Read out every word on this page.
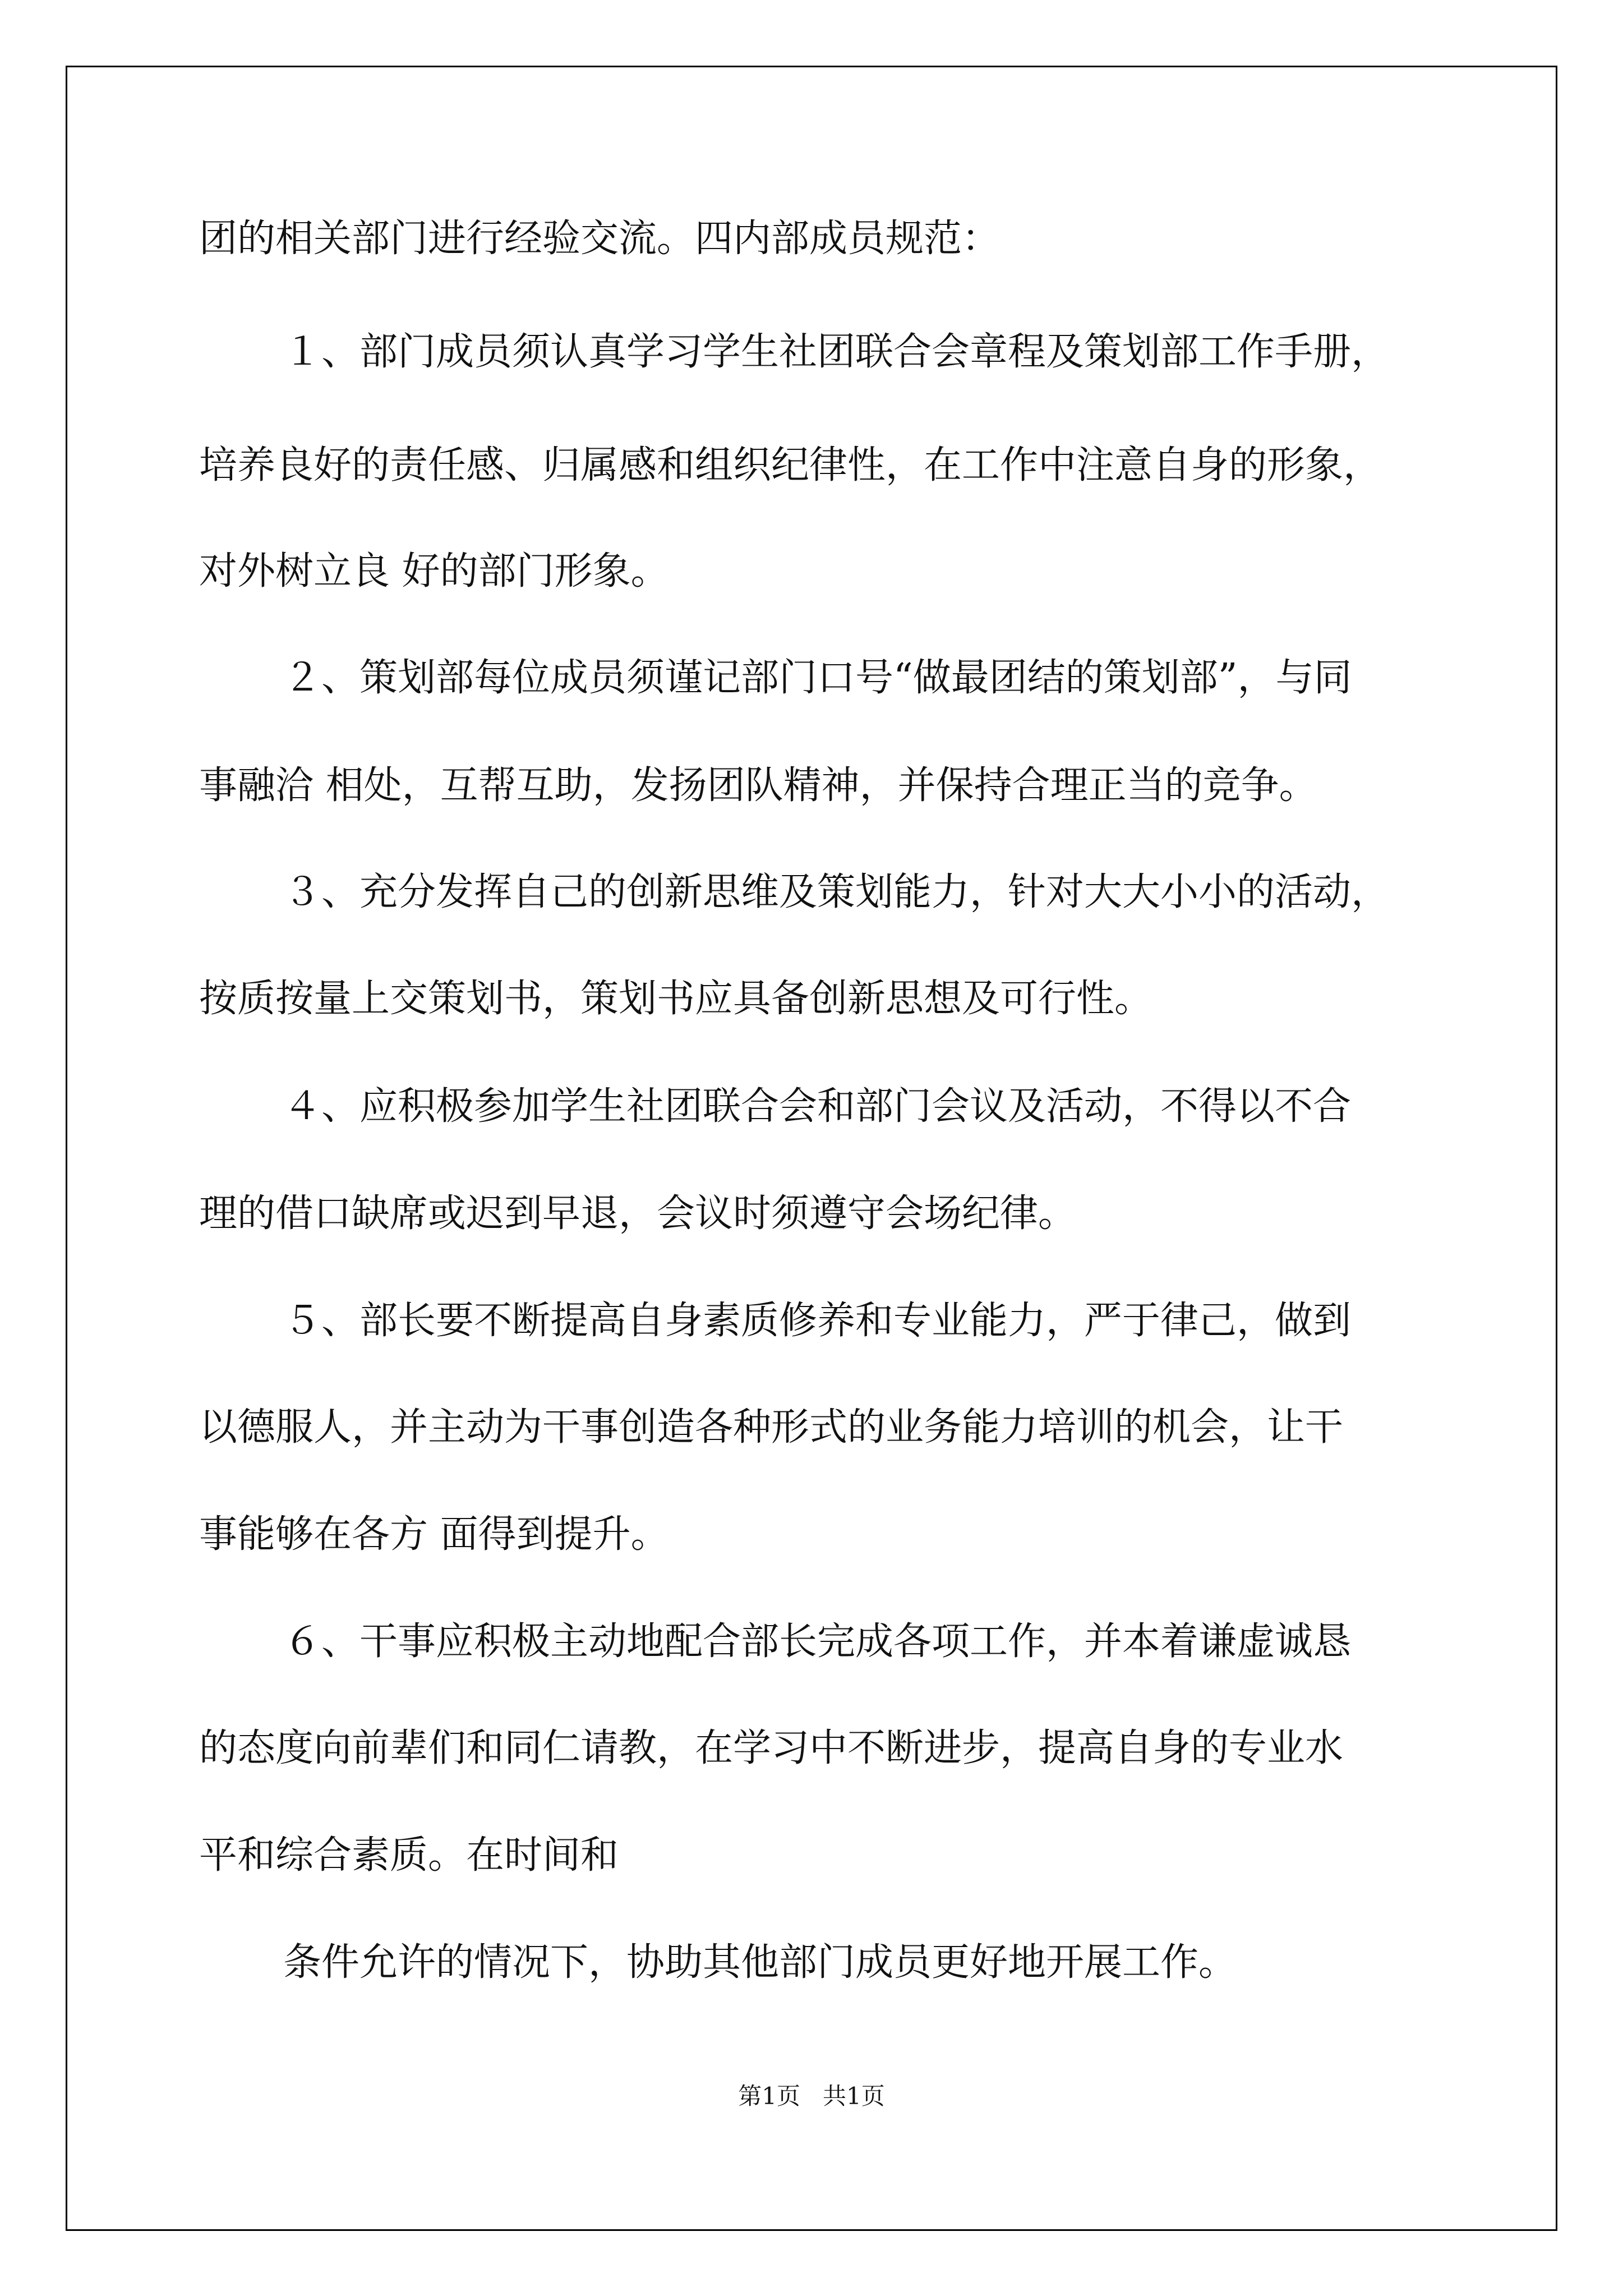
团的相关部门进行经验交流。四内部成员规范：
１、部门成员须认真学习学生社团联合会章程及策划部工作手册，
培养良好的责任感、归属感和组织纪律性，在工作中注意自身的形象，
对外树立良 好的部门形象。
２、策划部每位成员须谨记部门口号“做最团结的策划部”，与同
事融洽 相处，互帮互助，发扬团队精神，并保持合理正当的竞争。
３、充分发挥自己的创新思维及策划能力，针对大大小小的活动，
按质按量上交策划书，策划书应具备创新思想及可行性。
４、应积极参加学生社团联合会和部门会议及活动，不得以不合
理的借口缺席或迟到早退，会议时须遵守会场纪律。
５、部长要不断提高自身素质修养和专业能力，严于律己，做到
以德服人，并主动为干事创造各种形式的业务能力培训的机会，让干
事能够在各方 面得到提升。
６、干事应积极主动地配合部长完成各项工作，并本着谦虚诚恳
的态度向前辈们和同仁请教，在学习中不断进步，提高自身的专业水
平和综合素质。在时间和
条件允许的情况下，协助其他部门成员更好地开展工作。
第1页   共1页
